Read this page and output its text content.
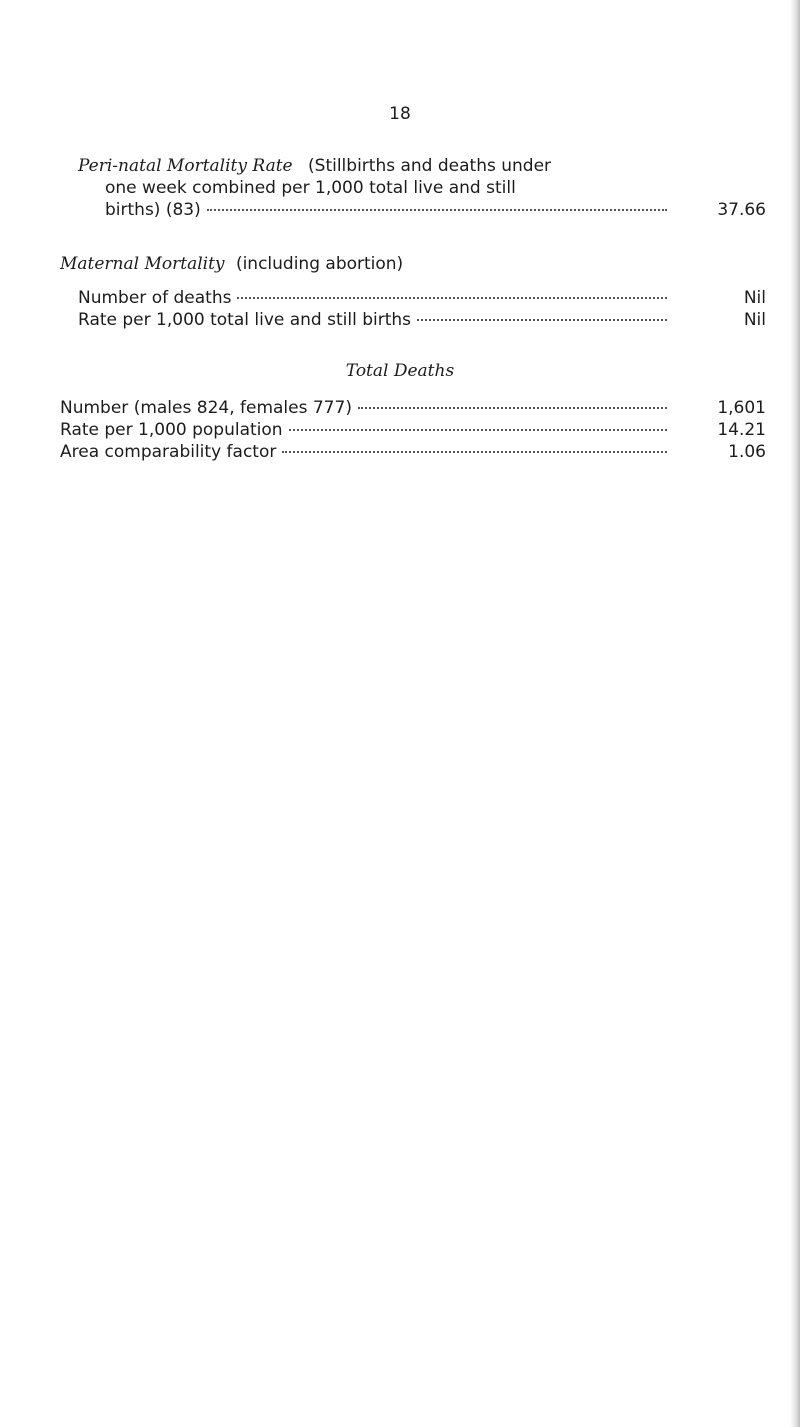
18
Peri-natal Mortality Rate (Stillbirths and deaths under
one week combined per 1,000 total live and still
births) (83)	37.66
Maternal Mortality (including abortion)
Number of deaths	Nil
Rate per 1,000 total live and still births	Nil
Total Deaths
Number (males 824, females 777)	1,601
Rate per 1,000 population	14.21
Area comparability factor	1.06
